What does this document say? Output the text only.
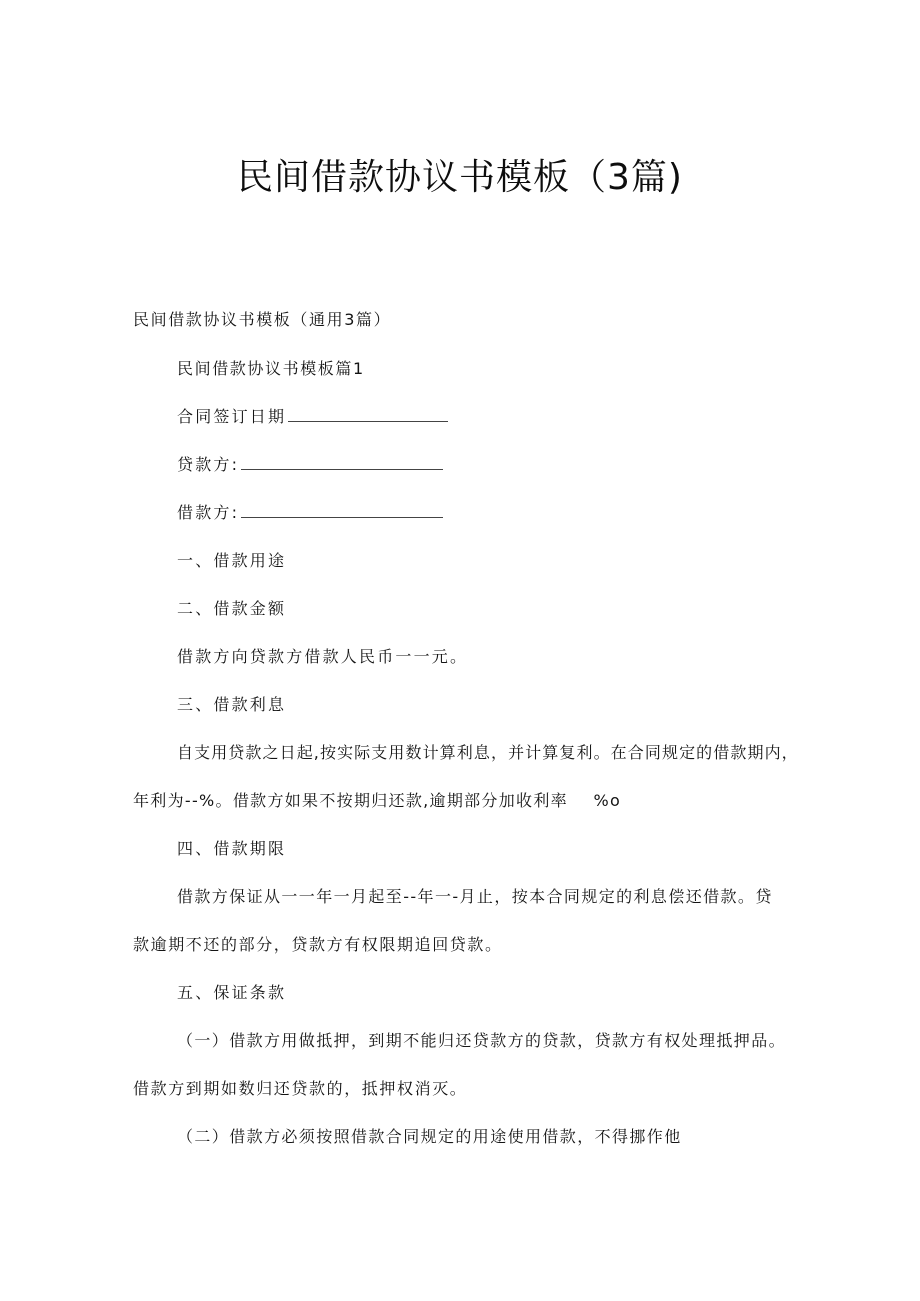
民间借款协议书模板（3篇)
民间借款协议书模板（通用3篇）
民间借款协议书模板篇1
合同签订日期
贷款方:
借款方:
一、借款用途
二、借款金额
借款方向贷款方借款人民币一一元。
三、借款利息
自支用贷款之日起,按实际支用数计算利息，并计算复利。在合同规定的借款期内，
年利为--%。借款方如果不按期归还款,逾期部分加收利率    %o
四、借款期限
借款方保证从一一年一月起至--年一-月止，按本合同规定的利息偿还借款。贷
款逾期不还的部分，贷款方有权限期追回贷款。
五、保证条款
（一）借款方用做抵押，到期不能归还贷款方的贷款，贷款方有权处理抵押品。
借款方到期如数归还贷款的，抵押权消灭。
（二）借款方必须按照借款合同规定的用途使用借款，不得挪作他
